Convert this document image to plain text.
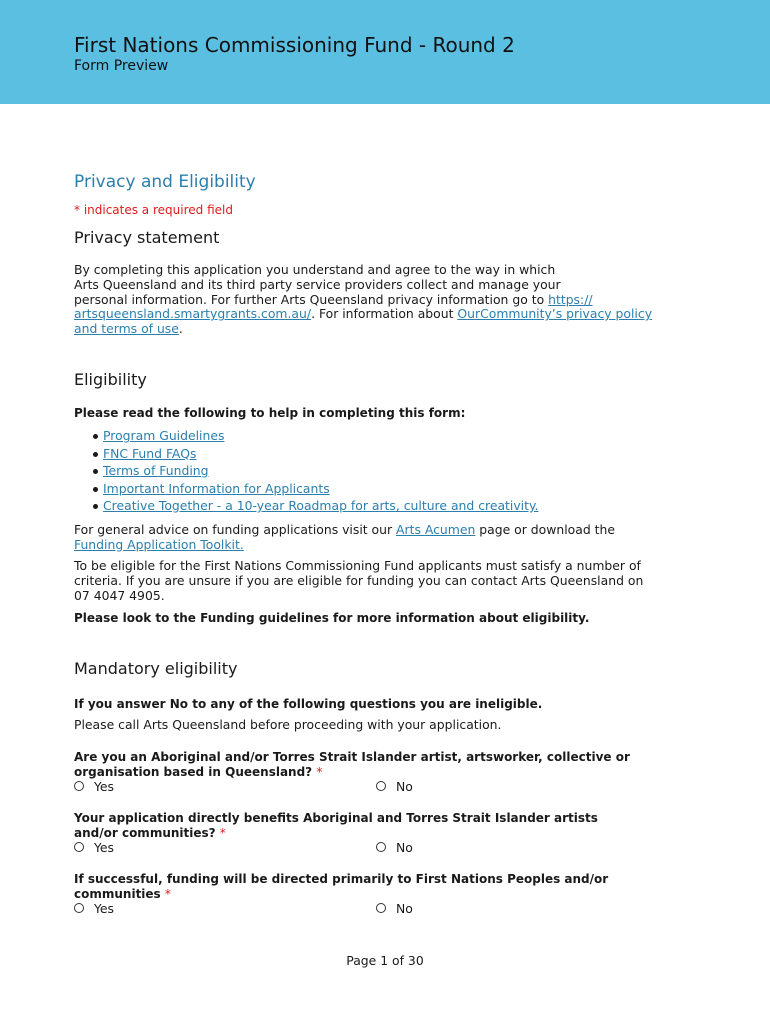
First Nations Commissioning Fund - Round 2
Form Preview
Privacy and Eligibility
* indicates a required field
Privacy statement
By completing this application you understand and agree to the way in which
Arts Queensland and its third party service providers collect and manage your
personal information. For further Arts Queensland privacy information go to https://
artsqueensland.smartygrants.com.au/. For information about OurCommunity’s privacy policy
and terms of use.
Eligibility
Please read the following to help in completing this form:
Program Guidelines
FNC Fund FAQs
Terms of Funding
Important Information for Applicants
Creative Together - a 10-year Roadmap for arts, culture and creativity.
For general advice on funding applications visit our Arts Acumen page or download the
Funding Application Toolkit.
To be eligible for the First Nations Commissioning Fund applicants must satisfy a number of
criteria. If you are unsure if you are eligible for funding you can contact Arts Queensland on
07 4047 4905.
Please look to the Funding guidelines for more information about eligibility.
Mandatory eligibility
If you answer No to any of the following questions you are ineligible.
Please call Arts Queensland before proceeding with your application.
Are you an Aboriginal and/or Torres Strait Islander artist, artsworker, collective or
organisation based in Queensland? *
Yes	No
Your application directly benefits Aboriginal and Torres Strait Islander artists
and/or communities? *
Yes	No
If successful, funding will be directed primarily to First Nations Peoples and/or
communities *
Yes	No
Page 1 of 30
